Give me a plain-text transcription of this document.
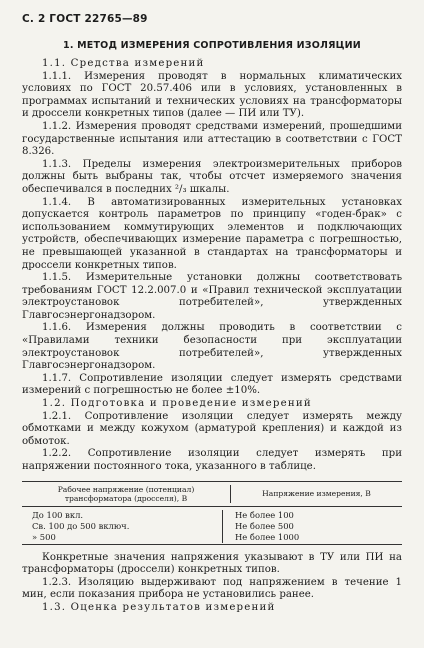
С. 2 ГОСТ 22765—89
1. МЕТОД ИЗМЕРЕНИЯ СОПРОТИВЛЕНИЯ ИЗОЛЯЦИИ

1.1. Средства измерений

1.1.1. Измерения проводят в нормальных климатических условиях по ГОСТ 20.57.406 или в условиях, установленных в программах испытаний и технических условиях на трансформаторы и дроссели конкретных типов (далее — ПИ или ТУ).

1.1.2. Измерения проводят средствами измерений, прошедшими государственные испытания или аттестацию в соответствии с ГОСТ 8.326.

1.1.3. Пределы измерения электроизмерительных приборов должны быть выбраны так, чтобы отсчет измеряемого значения обеспечивался в последних ²/₃ шкалы.

1.1.4. В автоматизированных измерительных установках допускается контроль параметров по принципу «годен-брак» с использованием коммутирующих элементов и подключающих устройств, обеспечивающих измерение параметра с погрешностью, не превышающей указанной в стандартах на трансформаторы и дроссели конкретных типов.

1.1.5. Измерительные установки должны соответствовать требованиям ГОСТ 12.2.007.0 и «Правил технической эксплуатации электроустановок потребителей», утвержденных Главгосэнергонадзором.

1.1.6. Измерения должны проводить в соответствии с «Правилами техники безопасности при эксплуатации электроустановок потребителей», утвержденных Главгосэнергонадзором.

1.1.7. Сопротивление изоляции следует измерять средствами измерений с погрешностью не более ±10%.

1.2. Подготовка и проведение измерений

1.2.1. Сопротивление изоляции следует измерять между обмотками и между кожухом (арматурой крепления) и каждой из обмоток.

1.2.2. Сопротивление изоляции следует измерять при напряжении постоянного тока, указанного в таблице.

Рабочее напряжение (потенциал) трансформатора (дросселя), В	Напряжение измерения, В
До 100 вкл.
Св. 100 до 500 включ.
» 500
Не более 100
Не более 500
Не более 1000

Конкретные значения напряжения указывают в ТУ или ПИ на трансформаторы (дроссели) конкретных типов.

1.2.3. Изоляцию выдерживают под напряжением в течение 1 мин, если показания прибора не установились ранее.

1.3. Оценка результатов измерений
